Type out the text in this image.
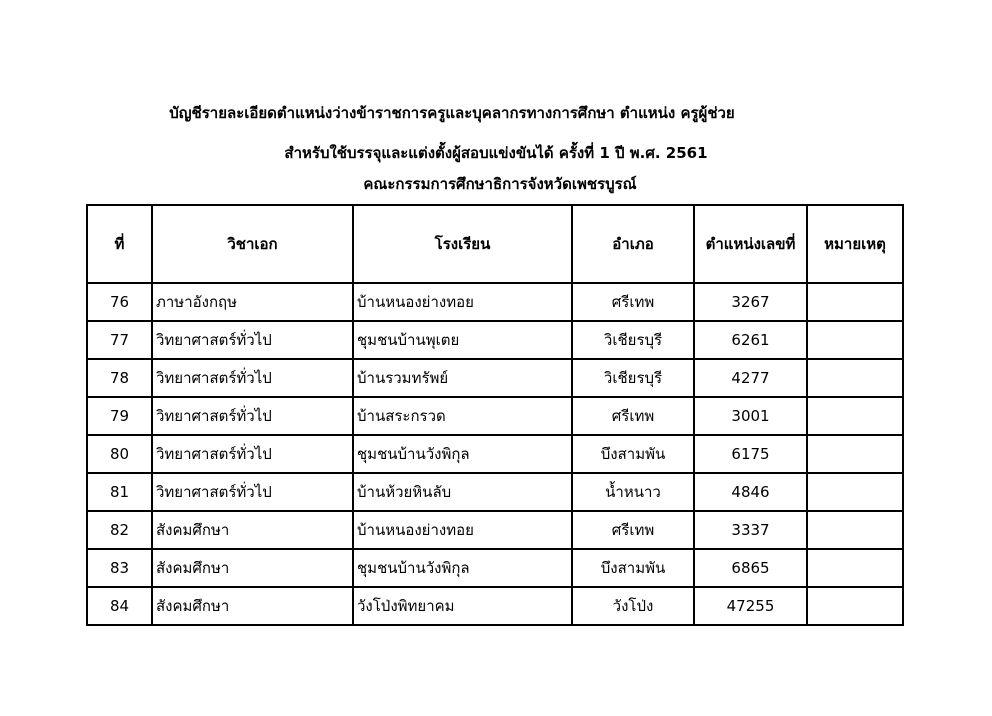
บัญชีรายละเอียดตำแหน่งว่างข้าราชการครูและบุคลากรทางการศึกษา ตำแหน่ง ครูผู้ช่วย
สำหรับใช้บรรจุและแต่งตั้งผู้สอบแข่งขันได้ ครั้งที่ 1 ปี พ.ศ. 2561
คณะกรรมการศึกษาธิการจังหวัดเพชรบูรณ์
ที่	วิชาเอก	โรงเรียน	อำเภอ	ตำแหน่งเลขที่	หมายเหตุ
76	ภาษาอังกฤษ	บ้านหนองย่างทอย	ศรีเทพ	3267	
77	วิทยาศาสตร์ทั่วไป	ชุมชนบ้านพุเตย	วิเชียรบุรี	6261	
78	วิทยาศาสตร์ทั่วไป	บ้านรวมทรัพย์	วิเชียรบุรี	4277	
79	วิทยาศาสตร์ทั่วไป	บ้านสระกรวด	ศรีเทพ	3001	
80	วิทยาศาสตร์ทั่วไป	ชุมชนบ้านวังพิกุล	บึงสามพัน	6175	
81	วิทยาศาสตร์ทั่วไป	บ้านห้วยหินลับ	น้ำหนาว	4846	
82	สังคมศึกษา	บ้านหนองย่างทอย	ศรีเทพ	3337	
83	สังคมศึกษา	ชุมชนบ้านวังพิกุล	บึงสามพัน	6865	
84	สังคมศึกษา	วังโป่งพิทยาคม	วังโป่ง	47255	
